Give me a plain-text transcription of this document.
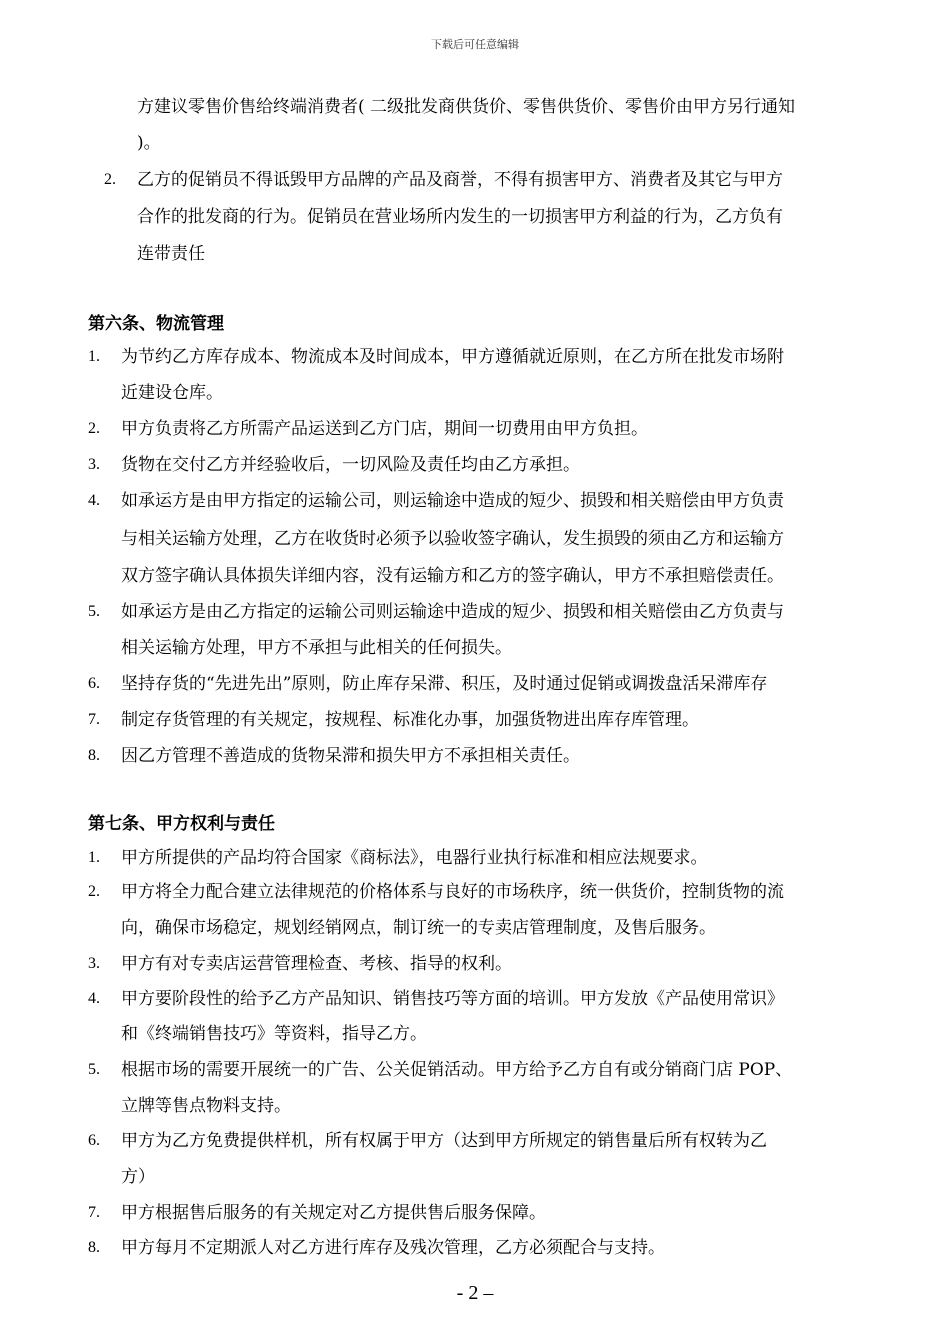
下载后可任意编辑
方建议零售价售给终端消费者( 二级批发商供货价、零售供货价、零售价由甲方另行通知
)。
2. 乙方的促销员不得诋毁甲方品牌的产品及商誉，不得有损害甲方、消费者及其它与甲方
合作的批发商的行为。促销员在营业场所内发生的一切损害甲方利益的行为，乙方负有
连带责任
第六条、物流管理
1. 为节约乙方库存成本、物流成本及时间成本，甲方遵循就近原则，在乙方所在批发市场附
近建设仓库。
2. 甲方负责将乙方所需产品运送到乙方门店，期间一切费用由甲方负担。
3. 货物在交付乙方并经验收后，一切风险及责任均由乙方承担。
4. 如承运方是由甲方指定的运输公司，则运输途中造成的短少、损毁和相关赔偿由甲方负责
与相关运输方处理，乙方在收货时必须予以验收签字确认，发生损毁的须由乙方和运输方
双方签字确认具体损失详细内容，没有运输方和乙方的签字确认，甲方不承担赔偿责任。
5. 如承运方是由乙方指定的运输公司则运输途中造成的短少、损毁和相关赔偿由乙方负责与
相关运输方处理，甲方不承担与此相关的任何损失。
6. 坚持存货的“先进先出”原则，防止库存呆滞、积压，及时通过促销或调拨盘活呆滞库存
7. 制定存货管理的有关规定，按规程、标准化办事，加强货物进出库存库管理。
8. 因乙方管理不善造成的货物呆滞和损失甲方不承担相关责任。
第七条、甲方权利与责任
1. 甲方所提供的产品均符合国家《商标法》，电器行业执行标准和相应法规要求。
2. 甲方将全力配合建立法律规范的价格体系与良好的市场秩序，统一供货价，控制货物的流
向，确保市场稳定，规划经销网点，制订统一的专卖店管理制度，及售后服务。
3. 甲方有对专卖店运营管理检查、考核、指导的权利。
4. 甲方要阶段性的给予乙方产品知识、销售技巧等方面的培训。甲方发放《产品使用常识》
和《终端销售技巧》等资料，指导乙方。
5. 根据市场的需要开展统一的广告、公关促销活动。甲方给予乙方自有或分销商门店 POP、
立牌等售点物料支持。
6. 甲方为乙方免费提供样机，所有权属于甲方（达到甲方所规定的销售量后所有权转为乙
方）
7. 甲方根据售后服务的有关规定对乙方提供售后服务保障。
8. 甲方每月不定期派人对乙方进行库存及残次管理，乙方必须配合与支持。
- 2 –
